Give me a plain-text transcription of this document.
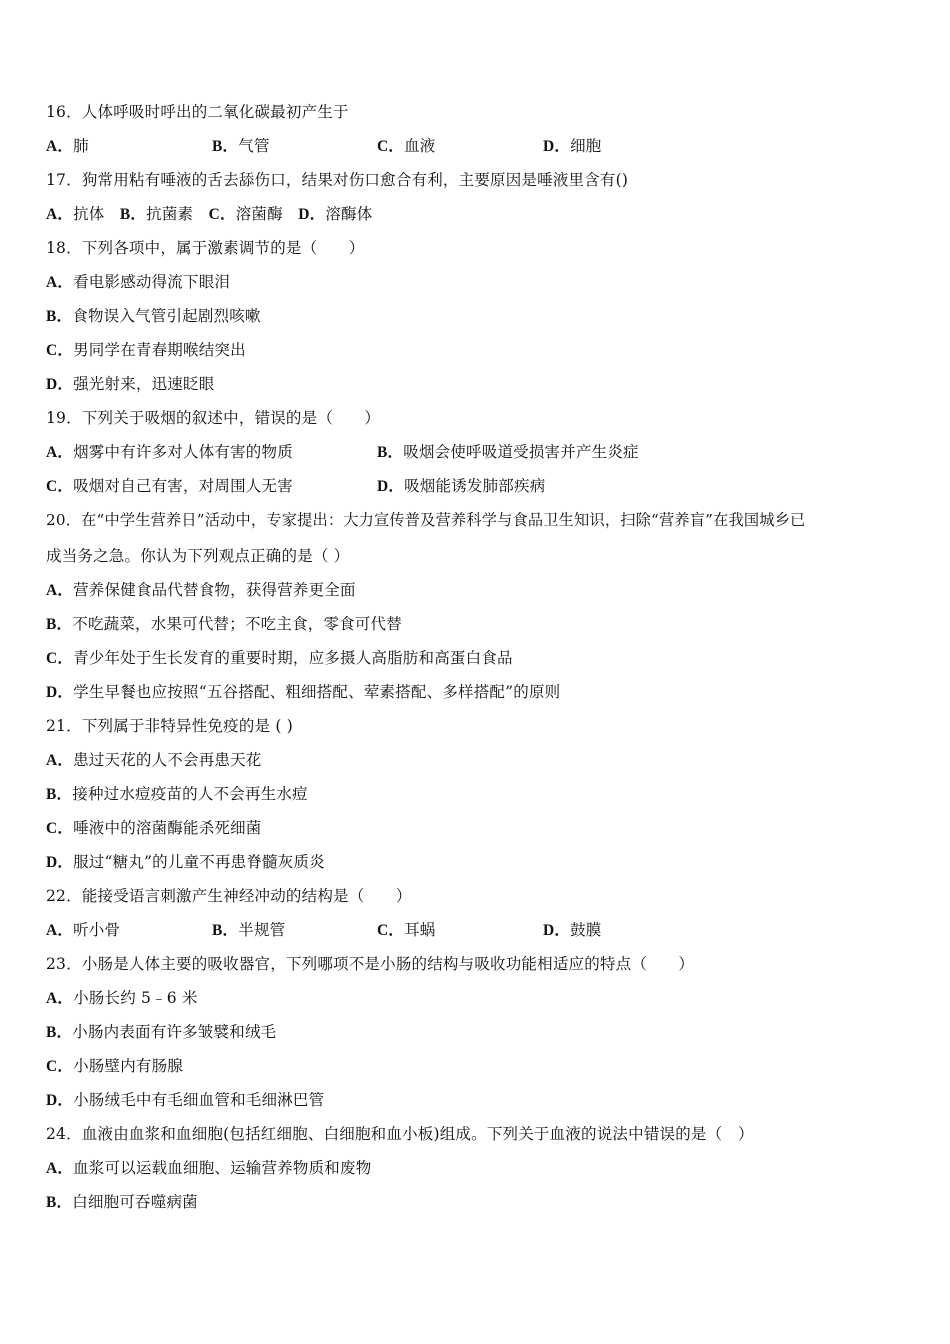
16．人体呼吸时呼出的二氧化碳最初产生于
A．肺	B．气管	C．血液	D．细胞
17．狗常用粘有唾液的舌去舔伤口，结果对伤口愈合有利，主要原因是唾液里含有()
A．抗体 B．抗菌素 C．溶菌酶 D．溶酶体
18．下列各项中，属于激素调节的是（　　）
A．看电影感动得流下眼泪
B．食物误入气管引起剧烈咳嗽
C．男同学在青春期喉结突出
D．强光射来，迅速眨眼
19．下列关于吸烟的叙述中，错误的是（　　）
A．烟雾中有许多对人体有害的物质	B．吸烟会使呼吸道受损害并产生炎症
C．吸烟对自己有害，对周围人无害	D．吸烟能诱发肺部疾病
20．在“中学生营养日”活动中，专家提出：大力宣传普及营养科学与食品卫生知识，扫除“营养盲”在我国城乡已
成当务之急。你认为下列观点正确的是（ ）
A．营养保健食品代替食物，获得营养更全面
B．不吃蔬菜，水果可代替；不吃主食，零食可代替
C．青少年处于生长发育的重要时期，应多摄人高脂肪和高蛋白食品
D．学生早餐也应按照“五谷搭配、粗细搭配、荤素搭配、多样搭配”的原则
21．下列属于非特异性免疫的是 ( )
A．患过天花的人不会再患天花
B．接种过水痘疫苗的人不会再生水痘
C．唾液中的溶菌酶能杀死细菌
D．服过“糖丸”的儿童不再患脊髓灰质炎
22．能接受语言刺激产生神经冲动的结构是（　　）
A．听小骨	B．半规管	C．耳蜗	D．鼓膜
23．小肠是人体主要的吸收器官，下列哪项不是小肠的结构与吸收功能相适应的特点（　　）
A．小肠长约 5﹣6 米
B．小肠内表面有许多皱襞和绒毛
C．小肠壁内有肠腺
D．小肠绒毛中有毛细血管和毛细淋巴管
24．血液由血浆和血细胞(包括红细胞、白细胞和血小板)组成。下列关于血液的说法中错误的是（　）
A．血浆可以运载血细胞、运输营养物质和废物
B．白细胞可吞噬病菌
